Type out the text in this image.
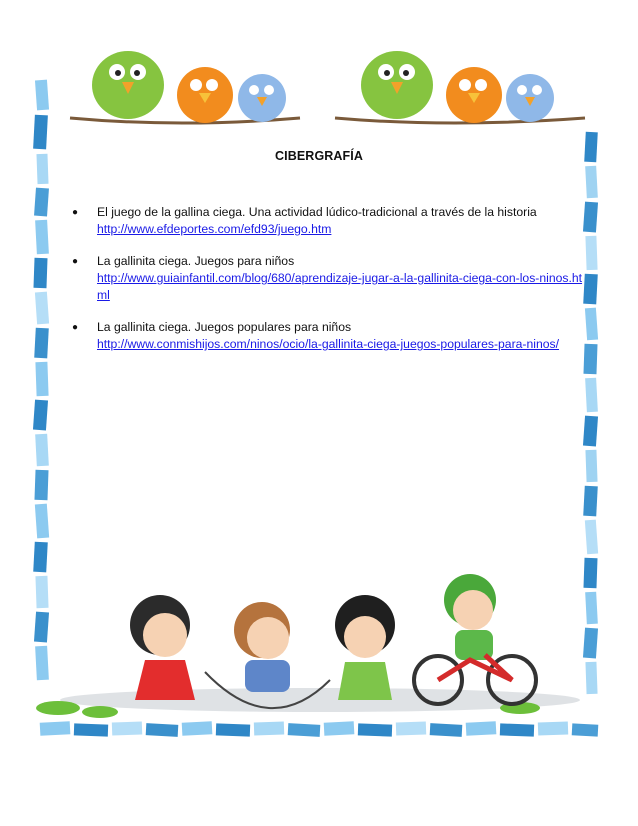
CIBERGRAFÍA
● El juego de la gallina ciega. Una actividad lúdico-tradicional a través de la historia
http://www.efdeportes.com/efd93/juego.htm
● La gallinita ciega. Juegos para niños
http://www.guiainfantil.com/blog/680/aprendizaje-jugar-a-la-gallinita-ciega-con-los-ninos.html
● La gallinita ciega. Juegos populares para niños
http://www.conmishijos.com/ninos/ocio/la-gallinita-ciega-juegos-populares-para-ninos/
